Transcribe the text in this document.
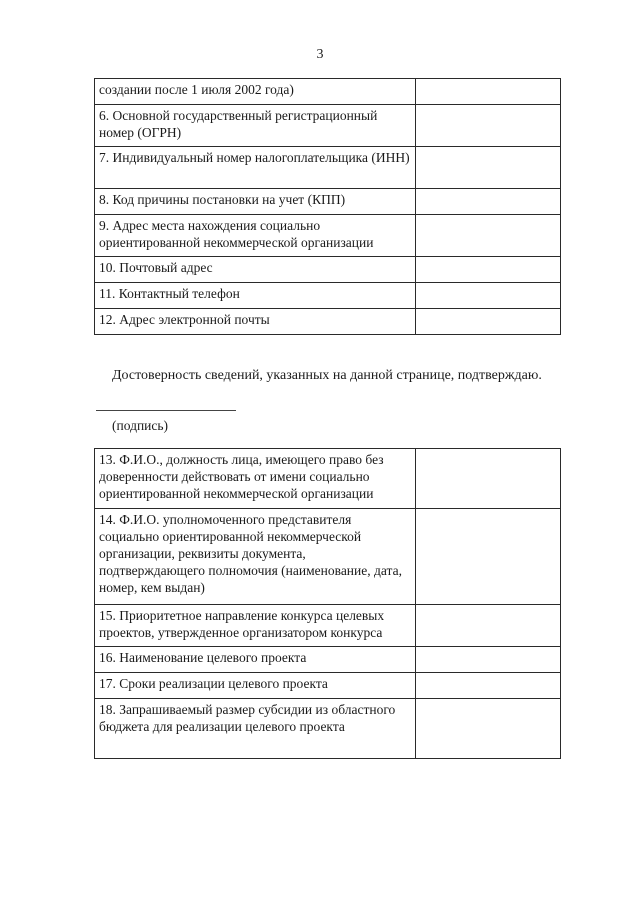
3
создании после 1 июля 2002 года)	
6. Основной государственный регистрационный номер (ОГРН)	
7. Индивидуальный номер налогоплательщика (ИНН)	
8. Код причины постановки на учет (КПП)	
9. Адрес места нахождения социально ориентированной некоммерческой организации	
10. Почтовый адрес	
11. Контактный телефон	
12. Адрес электронной почты	
Достоверность сведений, указанных на данной странице, подтверждаю.
(подпись)
13. Ф.И.О., должность лица, имеющего право без доверенности действовать от имени социально ориентированной некоммерческой организации	
14. Ф.И.О. уполномоченного представителя социально ориентированной некоммерческой организации, реквизиты документа, подтверждающего полномочия (наименование, дата, номер, кем выдан)	
15. Приоритетное направление конкурса целевых проектов, утвержденное организатором конкурса	
16. Наименование целевого проекта	
17. Сроки реализации целевого проекта	
18. Запрашиваемый размер субсидии из областного бюджета для реализации целевого проекта	
